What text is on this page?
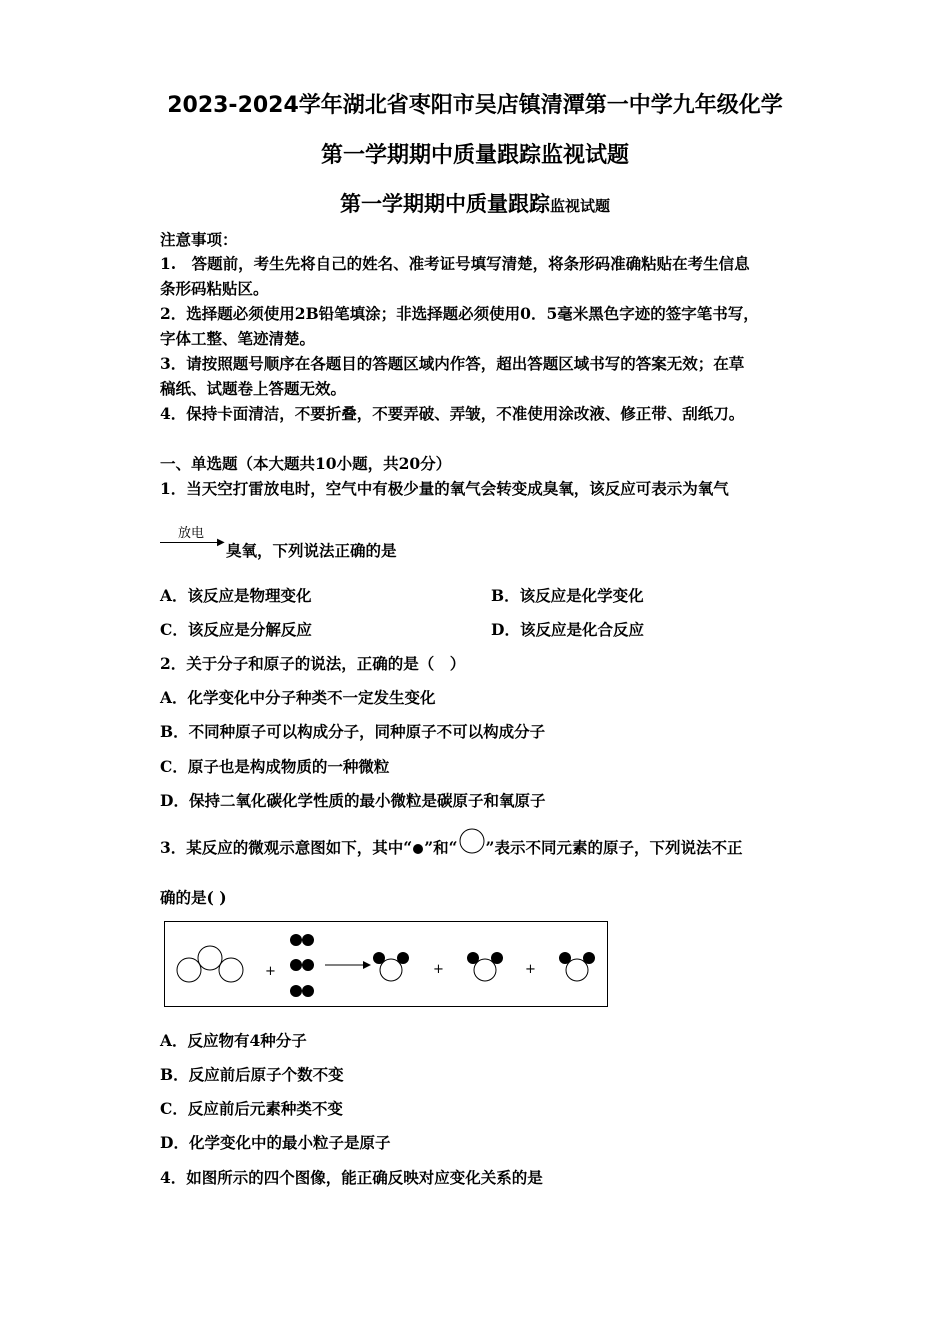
2023-2024学年湖北省枣阳市吴店镇清潭第一中学九年级化学
第一学期期中质量跟踪监视试题
第一学期期中质量跟踪监视试题
注意事项：
1.　答题前，考生先将自己的姓名、准考证号填写清楚，将条形码准确粘贴在考生信息
条形码粘贴区。
2．选择题必须使用2B铅笔填涂；非选择题必须使用0．5毫米黑色字迹的签字笔书写，
字体工整、笔迹清楚。
3．请按照题号顺序在各题目的答题区域内作答，超出答题区域书写的答案无效；在草
稿纸、试题卷上答题无效。
4．保持卡面清洁，不要折叠，不要弄破、弄皱，不准使用涂改液、修正带、刮纸刀。
一、单选题（本大题共10小题，共20分）
1．当天空打雷放电时，空气中有极少量的氧气会转变成臭氧，该反应可表示为氧气
放电
▶ 臭氧，下列说法正确的是
A．该反应是物理变化	B．该反应是化学变化
C．该反应是分解反应	D．该反应是化合反应
2．关于分子和原子的说法，正确的是（　）
A．化学变化中分子种类不一定发生变化
B．不同种原子可以构成分子，同种原子不可以构成分子
C．原子也是构成物质的一种微粒
D．保持二氧化碳化学性质的最小微粒是碳原子和氧原子
3．某反应的微观示意图如下，其中“ ”和“ ”表示不同元素的原子，下列说法不正
确的是( )
+	+	+
A．反应物有4种分子
B．反应前后原子个数不变
C．反应前后元素种类不变
D．化学变化中的最小粒子是原子
4．如图所示的四个图像，能正确反映对应变化关系的是
